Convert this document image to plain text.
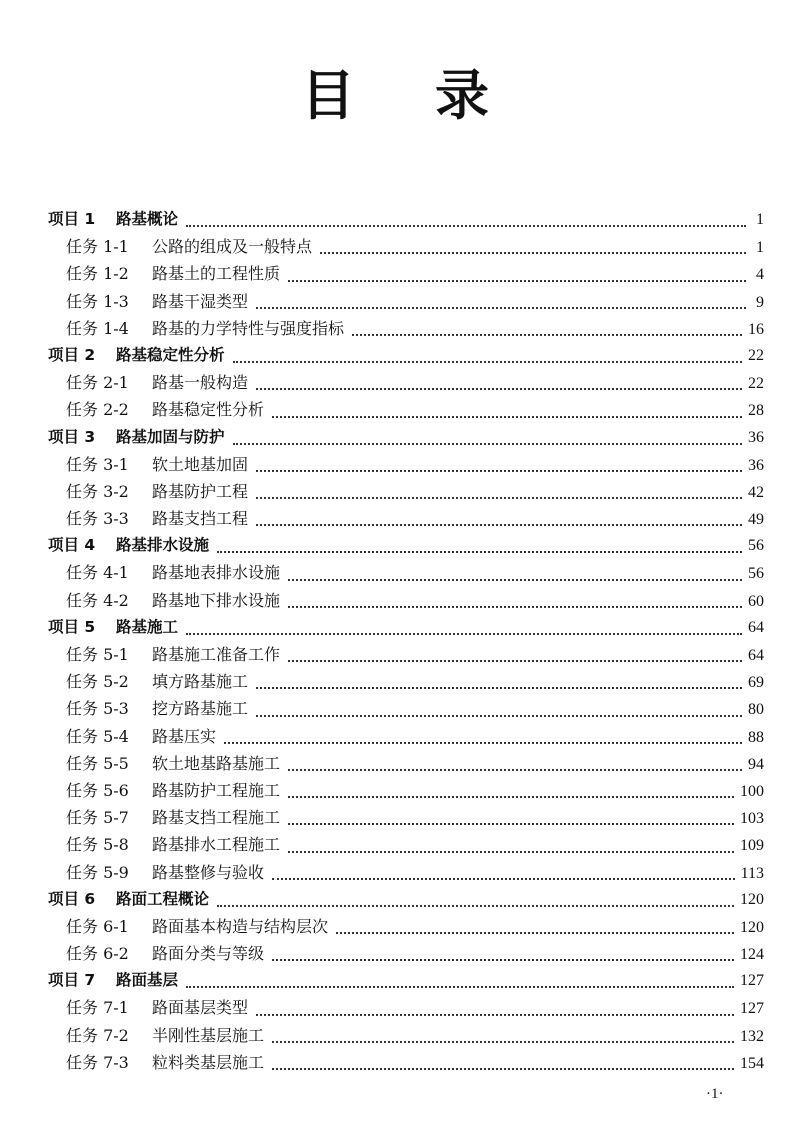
目 录
项目 1	路基概论	1
任务 1-1	公路的组成及一般特点	1
任务 1-2	路基土的工程性质	4
任务 1-3	路基干湿类型	9
任务 1-4	路基的力学特性与强度指标	16
项目 2	路基稳定性分析	22
任务 2-1	路基一般构造	22
任务 2-2	路基稳定性分析	28
项目 3	路基加固与防护	36
任务 3-1	软土地基加固	36
任务 3-2	路基防护工程	42
任务 3-3	路基支挡工程	49
项目 4	路基排水设施	56
任务 4-1	路基地表排水设施	56
任务 4-2	路基地下排水设施	60
项目 5	路基施工	64
任务 5-1	路基施工准备工作	64
任务 5-2	填方路基施工	69
任务 5-3	挖方路基施工	80
任务 5-4	路基压实	88
任务 5-5	软土地基路基施工	94
任务 5-6	路基防护工程施工	100
任务 5-7	路基支挡工程施工	103
任务 5-8	路基排水工程施工	109
任务 5-9	路基整修与验收	113
项目 6	路面工程概论	120
任务 6-1	路面基本构造与结构层次	120
任务 6-2	路面分类与等级	124
项目 7	路面基层	127
任务 7-1	路面基层类型	127
任务 7-2	半刚性基层施工	132
任务 7-3	粒料类基层施工	154
·1·
